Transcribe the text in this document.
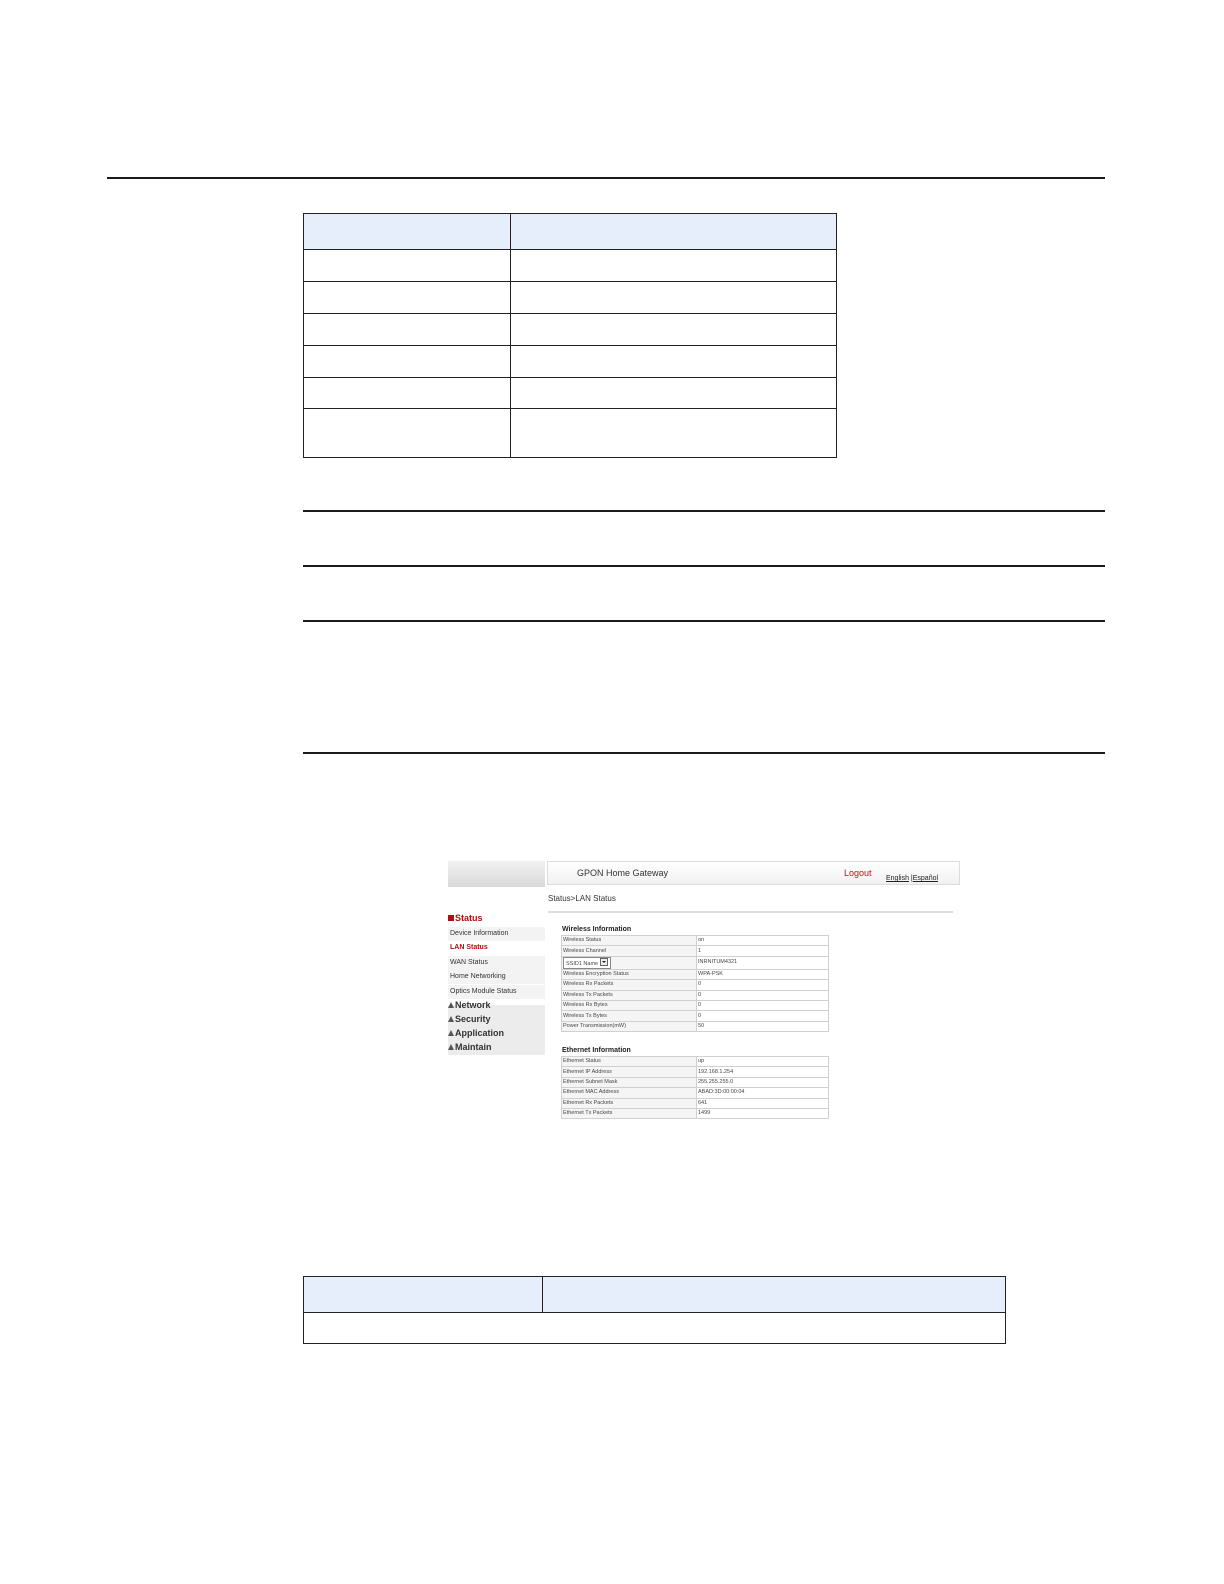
GPON Home Gateway	Logout
English |Español
Status>LAN Status
Status
Device Information
LAN Status
WAN Status
Home Networking
Optics Module Status
Network
Security
Application
Maintain
Wireless Information
Wireless Status	on
Wireless Channel	1
SSID1 Name	INRNITUM4321
Wireless Encryption Status	WPA-PSK
Wireless Rx Packets	0
Wireless Tx Packets	0
Wireless Rx Bytes	0
Wireless Tx Bytes	0
Power Transmission(mW)	50
Ethernet Information
Ethernet Status	up
Ethernet IP Address	192.168.1.254
Ethernet Subnet Mask	255.255.255.0
Ethernet MAC Address	ABAD:3D:00:00:04
Ethernet Rx Packets	641
Ethernet Tx Packets	1499
